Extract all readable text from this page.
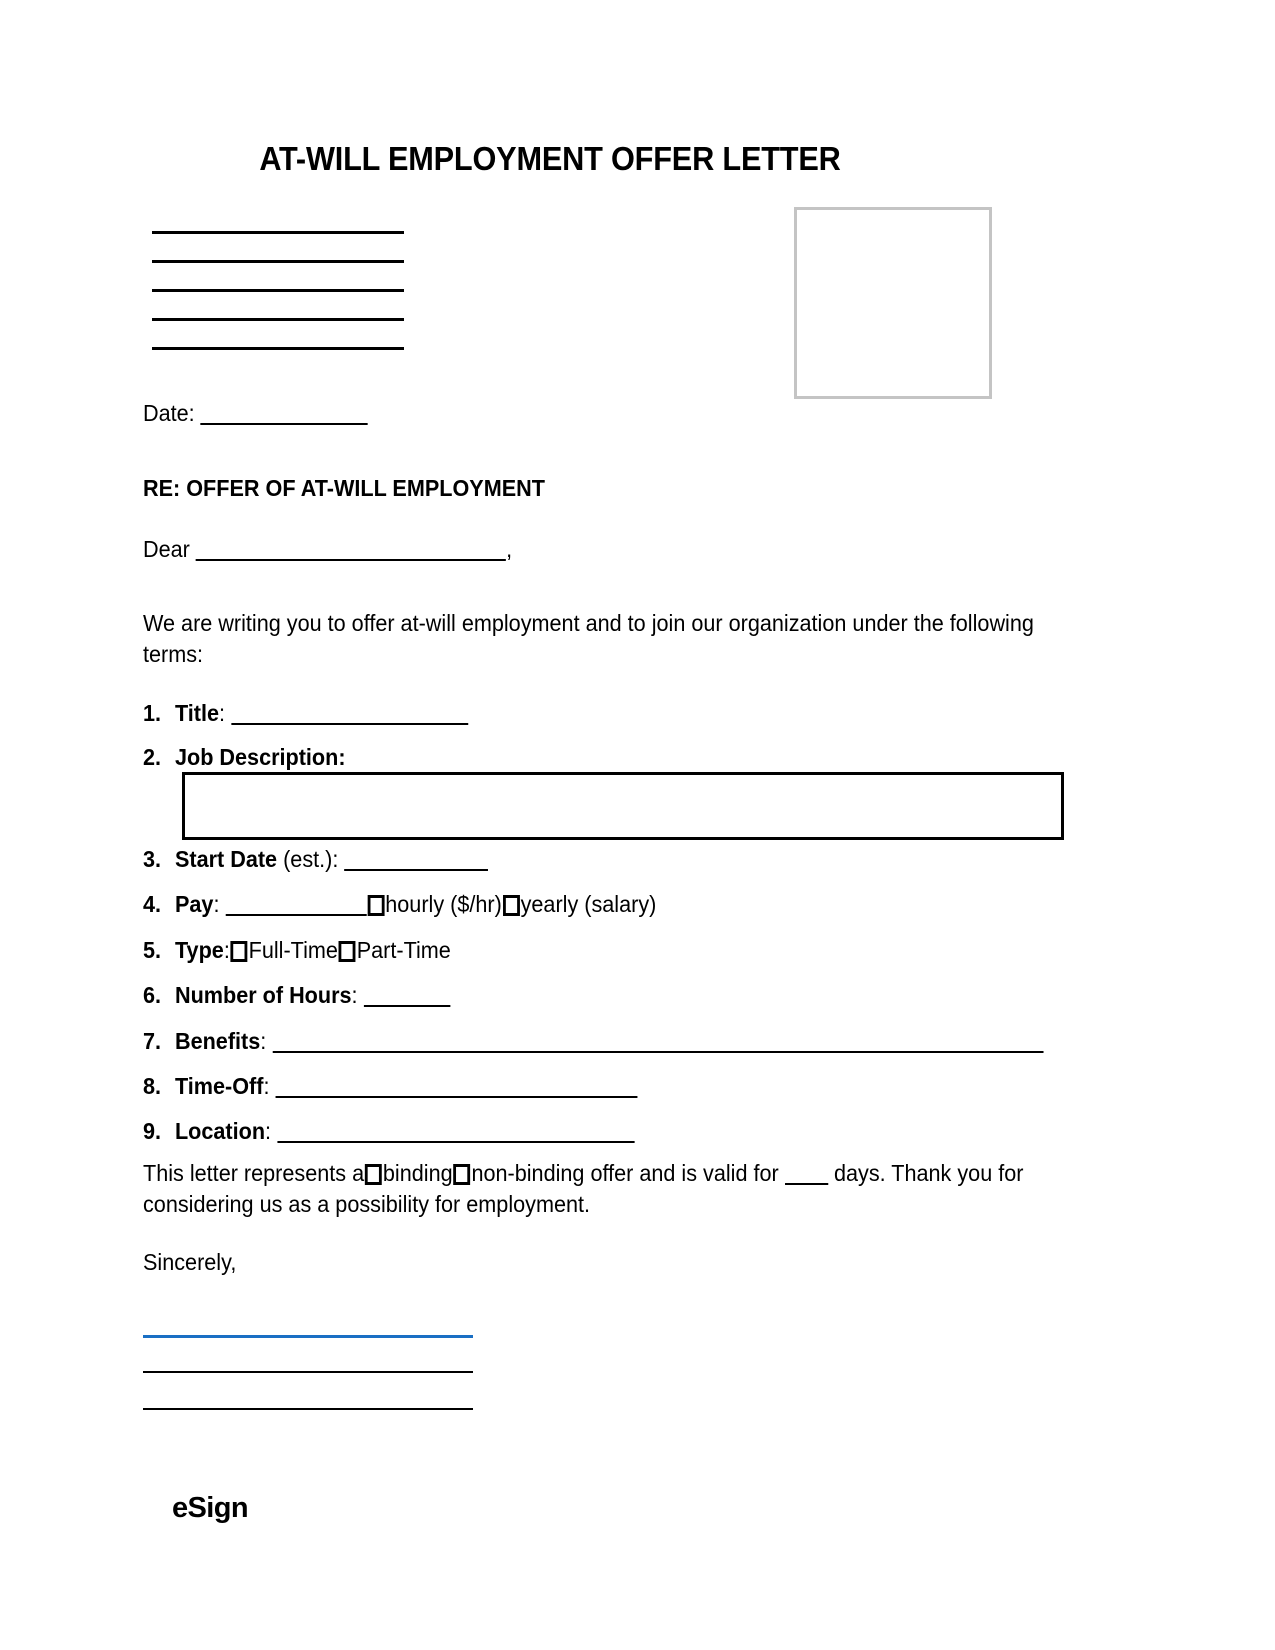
AT-WILL EMPLOYMENT OFFER LETTER
Date:
RE: OFFER OF AT-WILL EMPLOYMENT
Dear	,
We are writing you to offer at-will employment and to join our organization under the following terms:
1. Title:
2. Job Description:
3. Start Date (est.):
4. Pay:	hourly ($/hr) yearly (salary)
5. Type: Full-Time Part-Time
6. Number of Hours:
7. Benefits:
8. Time-Off:
9. Location:
This letter represents a binding non-binding offer and is valid for  days. Thank you for considering us as a possibility for employment.
Sincerely,
eSign
